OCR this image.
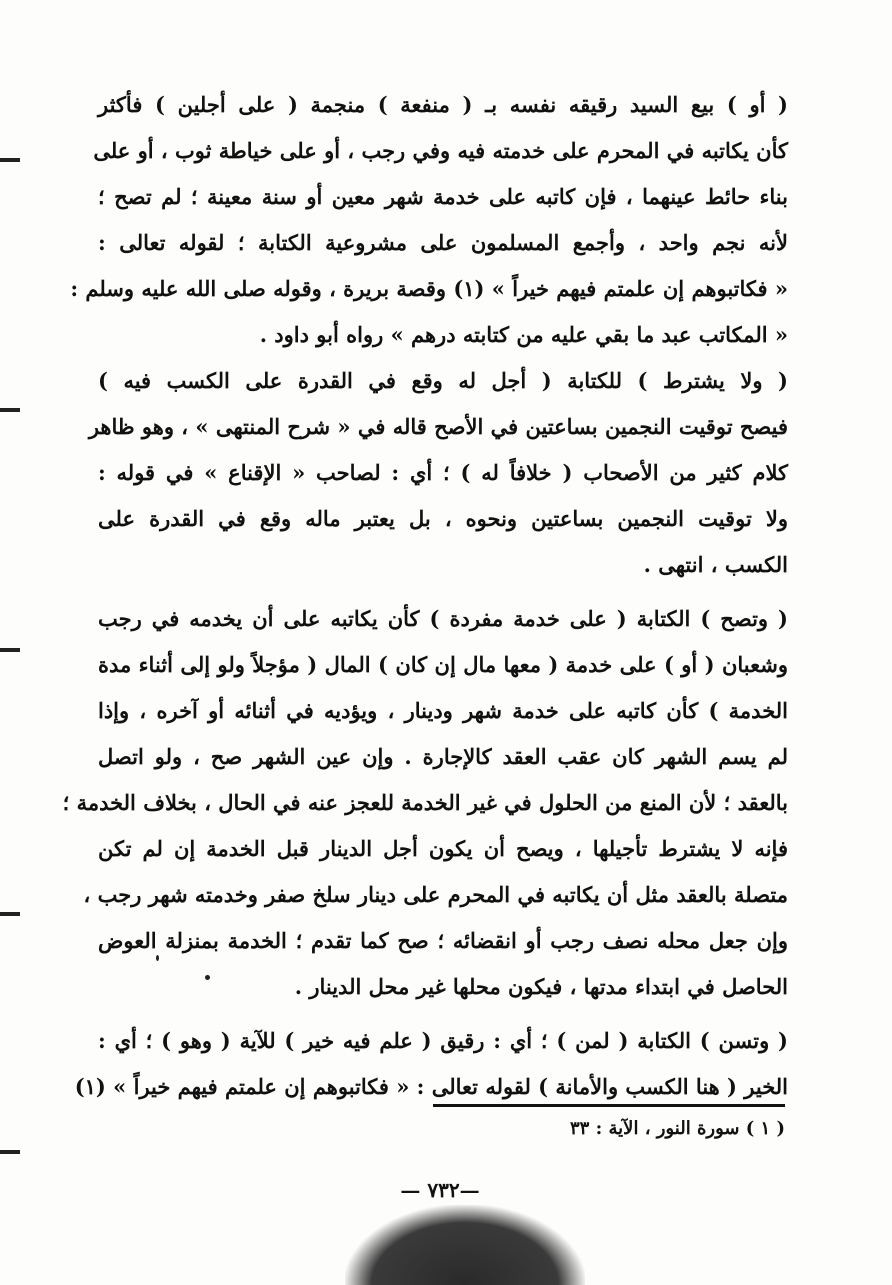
( أو ) بيع السيد رقيقه نفسه بـ ( منفعة ) منجمة ( على أجلين ) فأكثر
كأن يكاتبه في المحرم على خدمته فيه وفي رجب ، أو على خياطة ثوب ، أو على
بناء حائط عينهما ، فإن كاتبه على خدمة شهر معين أو سنة معينة ؛ لم تصح ؛
لأنه نجم واحد ، وأجمع المسلمون على مشروعية الكتابة ؛ لقوله تعالى :
« فكاتبوهم إن علمتم فيهم خيراً » (١) وقصة بريرة ، وقوله صلى الله عليه وسلم :
« المكاتب عبد ما بقي عليه من كتابته درهم » رواه أبو داود .
( ولا يشترط ) للكتابة ( أجل له وقع في القدرة على الكسب فيه )
فيصح توقيت النجمين بساعتين في الأصح قاله في « شرح المنتهى » ، وهو ظاهر
كلام كثير من الأصحاب ( خلافاً له ) ؛ أي : لصاحب « الإقناع » في قوله :
ولا توقيت النجمين بساعتين ونحوه ، بل يعتبر ماله وقع في القدرة على
الكسب ، انتهى .
( وتصح ) الكتابة ( على خدمة مفردة ) كأن يكاتبه على أن يخدمه في رجب
وشعبان ( أو ) على خدمة ( معها مال إن كان ) المال ( مؤجلاً ولو إلى أثناء مدة
الخدمة ) كأن كاتبه على خدمة شهر ودينار ، ويؤديه في أثنائه أو آخره ، وإذا
لم يسم الشهر كان عقب العقد كالإجارة . وإن عين الشهر صح ، ولو اتصل
بالعقد ؛ لأن المنع من الحلول في غير الخدمة للعجز عنه في الحال ، بخلاف الخدمة ؛
فإنه لا يشترط تأجيلها ، ويصح أن يكون أجل الدينار قبل الخدمة إن لم تكن
متصلة بالعقد مثل أن يكاتبه في المحرم على دينار سلخ صفر وخدمته شهر رجب ،
وإن جعل محله نصف رجب أو انقضائه ؛ صح كما تقدم ؛ الخدمة بمنزلة العوض
الحاصل في ابتداء مدتها ، فيكون محلها غير محل الدينار .
( وتسن ) الكتابة ( لمن ) ؛ أي : رقيق ( علم فيه خير ) للآية ( وهو ) ؛ أي :
الخير ( هنا الكسب والأمانة ) لقوله تعالى : « فكاتبوهم إن علمتم فيهم خيراً » (١)
( ١ ) سورة النور ، الآية : ٣٣
—٧٣٢ —
